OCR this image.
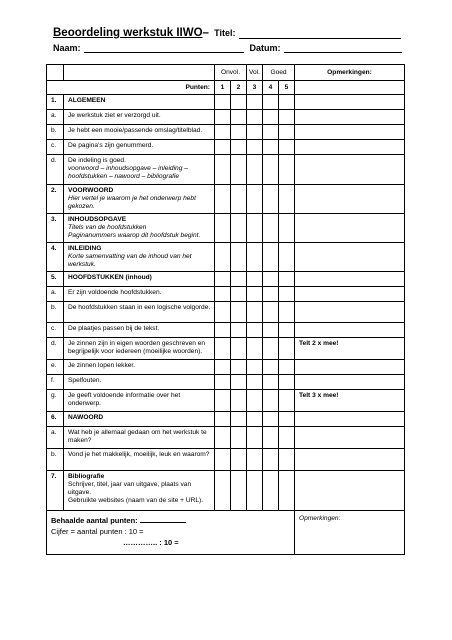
Beoordeling werkstuk IIWO– Titel:
Naam:	Datum:
		Onvol.		Vol.	Goed		Opmerkingen:
Punten:		1	2	3	4	5	
1.	ALGEMEEN						

a.	Je werkstuk ziet er verzorgd uit.						

b.	Je hebt een mooie/passende omslag/titelblad.						

c.	De pagina's zijn genummerd.						

d.	De indeling is goed.
voorwoord – inhoudsopgave – inleiding – hoofdstukken – nawoord – bibliografie						

2.	VOORWOORD
Hier vertel je waarom je het onderwerp hebt gekozen.						

3.	INHOUDSOPGAVE
Titels van de hoofdstukken
Paginanummers waarop dit hoofdstuk begint.						

4.	INLEIDING
Korte samenvatting van de inhoud van het werkstuk.						

5.	HOOFDSTUKKEN (inhoud)						

a.	Er zijn voldoende hoofdstukken.						

b.	De hoofdstukken staan in een logische volgorde.						

c.	De plaatjes passen bij de tekst.						

d.	Je zinnen zijn in eigen woorden geschreven en begrijpelijk voor iedereen (moeilijke woorden).						Telt 2 x mee!
e.	Je zinnen lopen lekker.						

f.	Spelfouten.						

g.	Je geeft voldoende informatie over het onderwerp.						Telt 3 x mee!
6.	NAWOORD						

a.	Wat heb je allemaal gedaan om het werkstuk te maken?						

b.	Vond je het makkelijk, moeilijk, leuk en waarom?						

7.	Bibliografie
Schrijver, titel, jaar van uitgave, plaats van uitgave.
Gebruikte websites (naam van de site + URL).						

Behaalde aantal punten:
Cijfer = aantal punten : 10 =
………….. : 10 =							Opmerkingen:
